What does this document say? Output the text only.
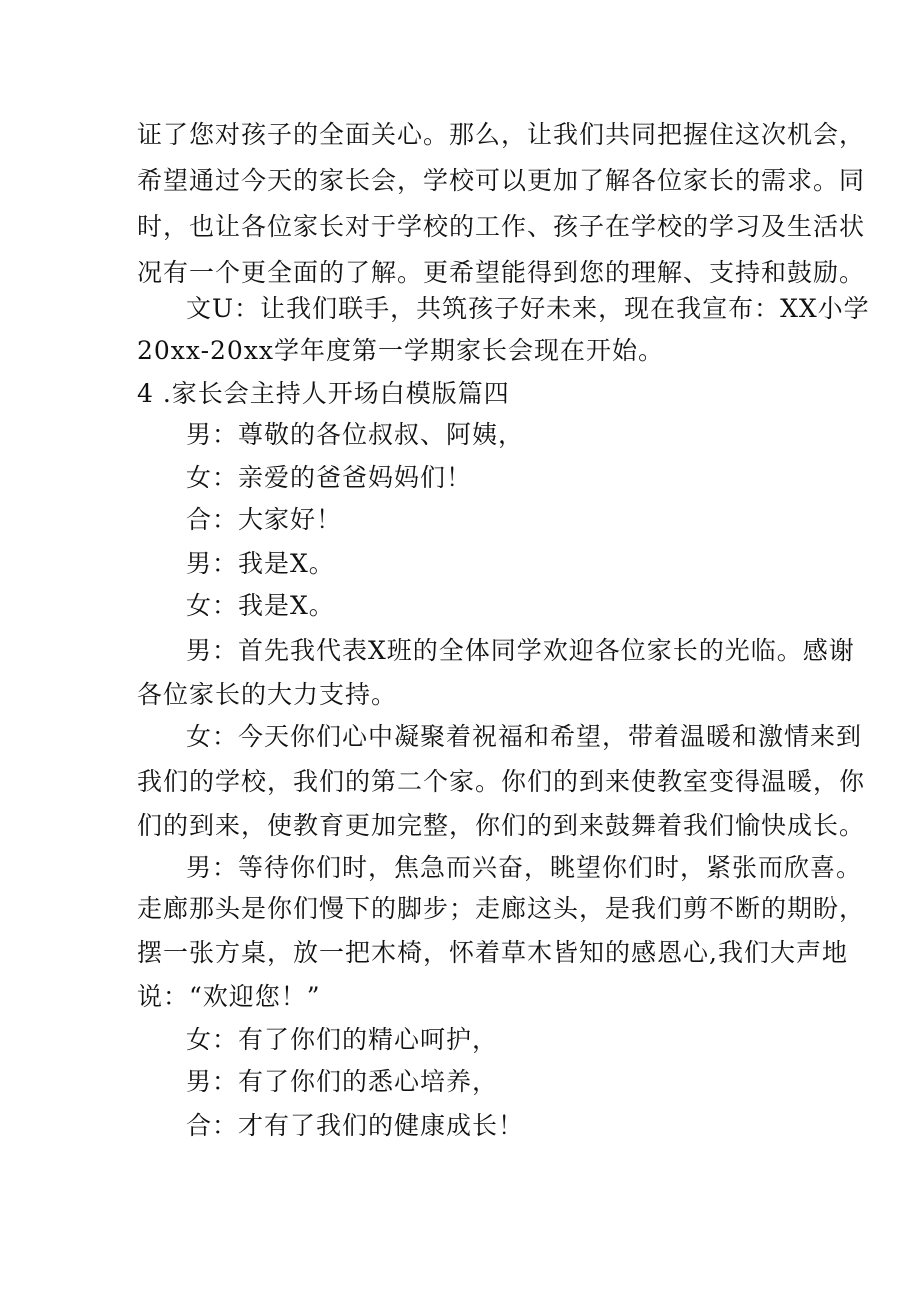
证了您对孩子的全面关心。那么，让我们共同把握住这次机会，
希望通过今天的家长会，学校可以更加了解各位家长的需求。同
时，也让各位家长对于学校的工作、孩子在学校的学习及生活状
况有一个更全面的了解。更希望能得到您的理解、支持和鼓励。
文U：让我们联手，共筑孩子好未来，现在我宣布：XX小学
20xx-20xx学年度第一学期家长会现在开始。
4 .家长会主持人开场白模版篇四
男：尊敬的各位叔叔、阿姨，
女：亲爱的爸爸妈妈们！
合：大家好！
男：我是X。
女：我是X。
男：首先我代表X班的全体同学欢迎各位家长的光临。感谢
各位家长的大力支持。
女：今天你们心中凝聚着祝福和希望，带着温暖和激情来到
我们的学校，我们的第二个家。你们的到来使教室变得温暖，你
们的到来，使教育更加完整，你们的到来鼓舞着我们愉快成长。
男：等待你们时，焦急而兴奋，眺望你们时，紧张而欣喜。
走廊那头是你们慢下的脚步；走廊这头，是我们剪不断的期盼，
摆一张方桌，放一把木椅，怀着草木皆知的感恩心,我们大声地
说：“欢迎您！”
女：有了你们的精心呵护，
男：有了你们的悉心培养，
合：才有了我们的健康成长！
